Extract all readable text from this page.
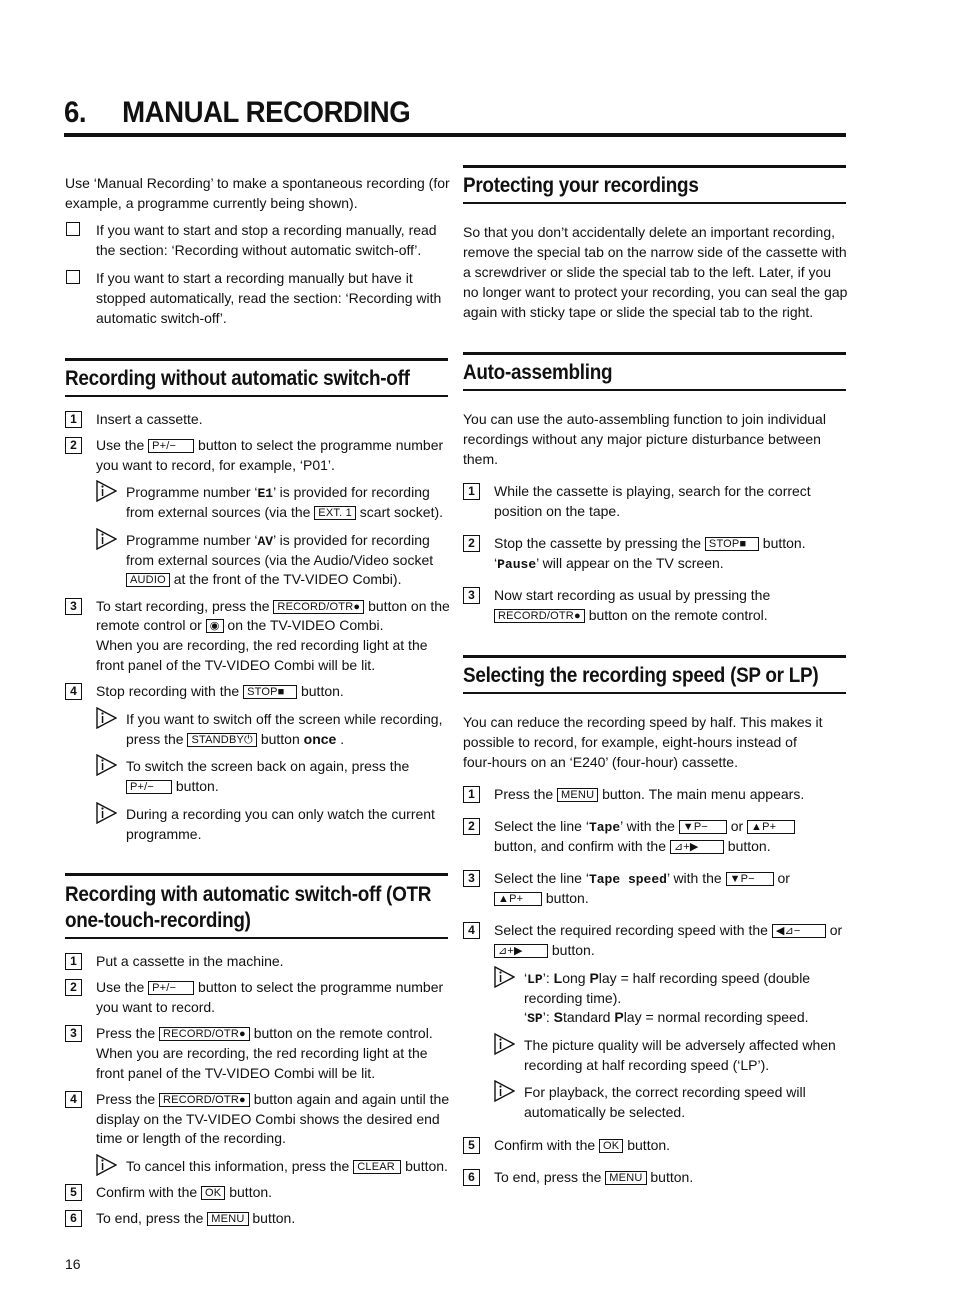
6.     MANUAL RECORDING
Use ‘Manual Recording’ to make a spontaneous recording (for
example, a programme currently being shown).
If you want to start and stop a recording manually, read
the section: ‘Recording without automatic switch-off’.
If you want to start a recording manually but have it
stopped automatically, read the section: ‘Recording with
automatic switch-off’.
Recording without automatic switch-off
1	Insert a cassette.
2	Use the P+/− button to select the programme number
you want to record, for example, ‘P01’.
Programme number ‘E1’ is provided for recording
from external sources (via the EXT. 1 scart socket).
Programme number ‘AV’ is provided for recording
from external sources (via the Audio/Video socket
AUDIO at the front of the TV-VIDEO Combi).
3	To start recording, press the RECORD/OTR● button on the
remote control or ◉ on the TV-VIDEO Combi.
When you are recording, the red recording light at the
front panel of the TV-VIDEO Combi will be lit.
4	Stop recording with the STOP■ button.
If you want to switch off the screen while recording,
press the STANDBY⏻ button once .
To switch the screen back on again, press the
P+/− button.
During a recording you can only watch the current
programme.
Recording with automatic switch-off (OTR
one-touch-recording)
1	Put a cassette in the machine.
2	Use the P+/− button to select the programme number
you want to record.
3	Press the RECORD/OTR● button on the remote control.
When you are recording, the red recording light at the
front panel of the TV-VIDEO Combi will be lit.
4	Press the RECORD/OTR● button again and again until the
display on the TV-VIDEO Combi shows the desired end
time or length of the recording.
To cancel this information, press the CLEAR button.
5	Confirm with the OK button.
6	To end, press the MENU button.
Protecting your recordings
So that you don’t accidentally delete an important recording,
remove the special tab on the narrow side of the cassette with
a screwdriver or slide the special tab to the left. Later, if you
no longer want to protect your recording, you can seal the gap
again with sticky tape or slide the special tab to the right.
Auto-assembling
You can use the auto-assembling function to join individual
recordings without any major picture disturbance between
them.
1	While the cassette is playing, search for the correct
position on the tape.
2	Stop the cassette by pressing the STOP■ button.
‘Pause’ will appear on the TV screen.
3	Now start recording as usual by pressing the
RECORD/OTR● button on the remote control.
Selecting the recording speed (SP or LP)
You can reduce the recording speed by half. This makes it
possible to record, for example, eight-hours instead of
four-hours on an ‘E240’ (four-hour) cassette.
1	Press the MENU button. The main menu appears.
2	Select the line ‘Tape’ with the ▼P− or ▲P+
button, and confirm with the ⊿+▶ button.
3	Select the line ‘Tape speed’ with the ▼P− or
▲P+ button.
4	Select the required recording speed with the ◀⊿− or
⊿+▶ button.
‘LP’: Long Play = half recording speed (double
recording time).
‘SP’: Standard Play = normal recording speed.
The picture quality will be adversely affected when
recording at half recording speed (‘LP’).
For playback, the correct recording speed will
automatically be selected.
5	Confirm with the OK button.
6	To end, press the MENU button.
16
